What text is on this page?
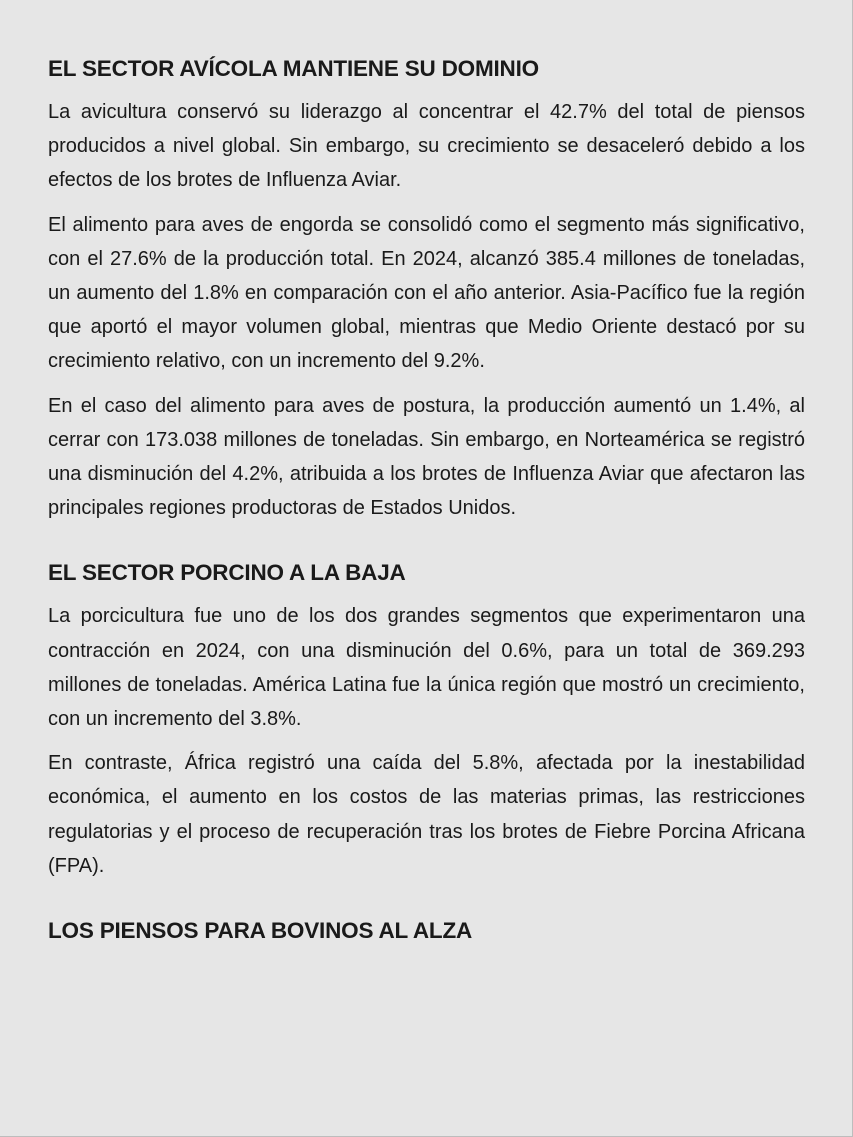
EL SECTOR AVÍCOLA MANTIENE SU DOMINIO

La avicultura conservó su liderazgo al concentrar el 42.7% del total de piensos producidos a nivel global. Sin embargo, su crecimiento se desaceleró debido a los efectos de los brotes de Influenza Aviar.

El alimento para aves de engorda se consolidó como el segmento más significativo, con el 27.6% de la producción total. En 2024, alcanzó 385.4 millones de toneladas, un aumento del 1.8% en comparación con el año anterior. Asia-Pacífico fue la región que aportó el mayor volumen global, mientras que Medio Oriente destacó por su crecimiento relativo, con un incremento del 9.2%.

En el caso del alimento para aves de postura, la producción aumentó un 1.4%, al cerrar con 173.038 millones de toneladas. Sin embargo, en Norteamérica se registró una disminución del 4.2%, atribuida a los brotes de Influenza Aviar que afectaron las principales regiones productoras de Estados Unidos.

EL SECTOR PORCINO A LA BAJA

La porcicultura fue uno de los dos grandes segmentos que experimentaron una contracción en 2024, con una disminución del 0.6%, para un total de 369.293 millones de toneladas. América Latina fue la única región que mostró un crecimiento, con un incremento del 3.8%.

En contraste, África registró una caída del 5.8%, afectada por la inestabilidad económica, el aumento en los costos de las materias primas, las restricciones regulatorias y el proceso de recuperación tras los brotes de Fiebre Porcina Africana (FPA).

LOS PIENSOS PARA BOVINOS AL ALZA
